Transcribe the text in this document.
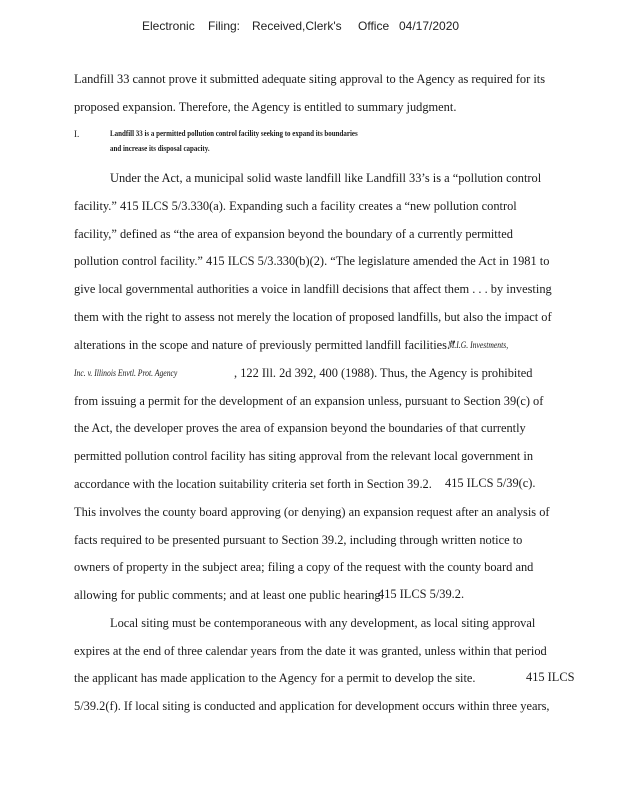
Electronic Filing: Received,Clerk's Office 04/17/2020
Landfill 33 cannot prove it submitted adequate siting approval to the Agency as required for its
proposed expansion. Therefore, the Agency is entitled to summary judgment.
I.	Landfill 33 is a permitted pollution control facility seeking to expand its boundaries
and increase its disposal capacity.
Under the Act, a municipal solid waste landfill like Landfill 33’s is a “pollution control
facility.” 415 ILCS 5/3.330(a). Expanding such a facility creates a “new pollution control
facility,” defined as “the area of expansion beyond the boundary of a currently permitted
pollution control facility.” 415 ILCS 5/3.330(b)(2). “The legislature amended the Act in 1981 to
give local governmental authorities a voice in landfill decisions that affect them . . . by investing
them with the right to assess not merely the location of proposed landfills, but also the impact of
alterations in the scope and nature of previously permitted landfill facilities.”
M.I.G. Investments,
Inc. v. Illinois Envtl. Prot. Agency	, 122 Ill. 2d 392, 400 (1988). Thus, the Agency is prohibited
from issuing a permit for the development of an expansion unless, pursuant to Section 39(c) of
the Act, the developer proves the area of expansion beyond the boundaries of that currently
permitted pollution control facility has siting approval from the relevant local government in
accordance with the location suitability criteria set forth in Section 39.2. 415 ILCS 5/39(c).
This involves the county board approving (or denying) an expansion request after an analysis of
facts required to be presented pursuant to Section 39.2, including through written notice to
owners of property in the subject area; filing a copy of the request with the county board and
allowing for public comments; and at least one public hearing.
415 ILCS 5/39.2.
Local siting must be contemporaneous with any development, as local siting approval
expires at the end of three calendar years from the date it was granted, unless within that period
the applicant has made application to the Agency for a permit to develop the site.	415 ILCS
5/39.2(f). If local siting is conducted and application for development occurs within three years,
